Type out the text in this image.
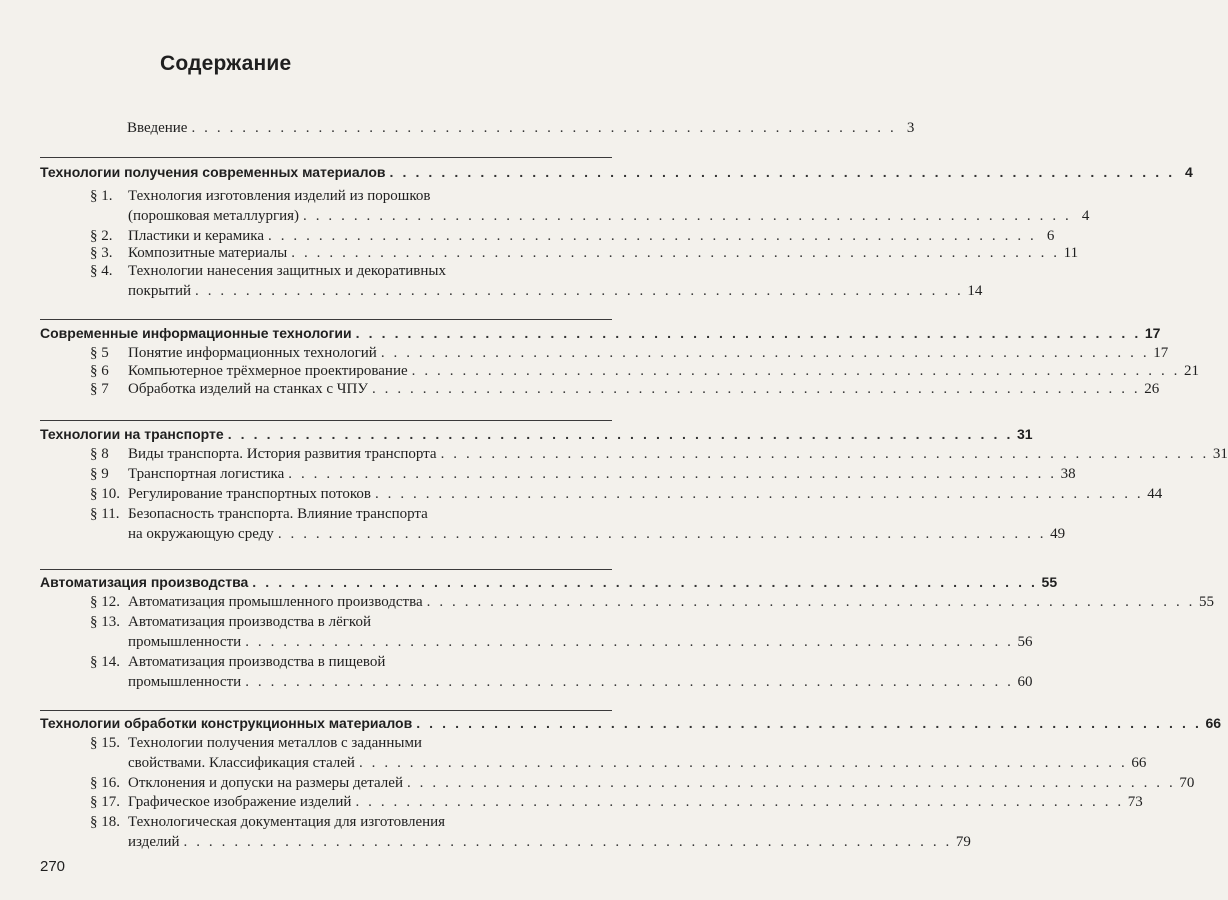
Содержание
Введение . . . . . . . . . . . . . . . . . . . . . . . . . . . . . . . . . . . . . . . . . . . . . . . . . . . . . . . . 3
Технологии получения современных материалов . . . . . . . . . . . . . . . . . . . . . . . . . . . . . . . . . . . . . . . . . . . . . . . . . . . . . . . . . . . . . 4
§ 1. Технология изготовления изделий из порошков
(порошковая металлургия) . . . . . . . . . . . . . . . . . . . . . . . . . . . . . . . . . . . . . . . . . . . . . . . . . . . . . . . . . . . . . 4
§ 2. Пластики и керамика . . . . . . . . . . . . . . . . . . . . . . . . . . . . . . . . . . . . . . . . . . . . . . . . . . . . . . . . . . . . . 6
§ 3. Композитные материалы . . . . . . . . . . . . . . . . . . . . . . . . . . . . . . . . . . . . . . . . . . . . . . . . . . . . . . . . . . . . . 11
§ 4. Технологии нанесения защитных и декоративных
покрытий . . . . . . . . . . . . . . . . . . . . . . . . . . . . . . . . . . . . . . . . . . . . . . . . . . . . . . . . . . . . . 14
Современные информационные технологии . . . . . . . . . . . . . . . . . . . . . . . . . . . . . . . . . . . . . . . . . . . . . . . . . . . . . . . . . . . . . 17
§ 5 Понятие информационных технологий . . . . . . . . . . . . . . . . . . . . . . . . . . . . . . . . . . . . . . . . . . . . . . . . . . . . . . . . . . . . . 17
§ 6 Компьютерное трёхмерное проектирование . . . . . . . . . . . . . . . . . . . . . . . . . . . . . . . . . . . . . . . . . . . . . . . . . . . . . . . . . . . . . 21
§ 7 Обработка изделий на станках с ЧПУ . . . . . . . . . . . . . . . . . . . . . . . . . . . . . . . . . . . . . . . . . . . . . . . . . . . . . . . . . . . . . 26
Технологии на транспорте . . . . . . . . . . . . . . . . . . . . . . . . . . . . . . . . . . . . . . . . . . . . . . . . . . . . . . . . . . . . . 31
§ 8 Виды транспорта. История развития транспорта . . . . . . . . . . . . . . . . . . . . . . . . . . . . . . . . . . . . . . . . . . . . . . . . . . . . . . . . . . . . . 31
§ 9 Транспортная логистика . . . . . . . . . . . . . . . . . . . . . . . . . . . . . . . . . . . . . . . . . . . . . . . . . . . . . . . . . . . . . 38
§ 10. Регулирование транспортных потоков . . . . . . . . . . . . . . . . . . . . . . . . . . . . . . . . . . . . . . . . . . . . . . . . . . . . . . . . . . . . . 44
§ 11. Безопасность транспорта. Влияние транспорта
на окружающую среду . . . . . . . . . . . . . . . . . . . . . . . . . . . . . . . . . . . . . . . . . . . . . . . . . . . . . . . . . . . . . 49
Автоматизация производства . . . . . . . . . . . . . . . . . . . . . . . . . . . . . . . . . . . . . . . . . . . . . . . . . . . . . . . . . . . . . 55
§ 12. Автоматизация промышленного производства . . . . . . . . . . . . . . . . . . . . . . . . . . . . . . . . . . . . . . . . . . . . . . . . . . . . . . . . . . . . . 55
§ 13. Автоматизация производства в лёгкой
промышленности . . . . . . . . . . . . . . . . . . . . . . . . . . . . . . . . . . . . . . . . . . . . . . . . . . . . . . . . . . . . . 56
§ 14. Автоматизация производства в пищевой
промышленности . . . . . . . . . . . . . . . . . . . . . . . . . . . . . . . . . . . . . . . . . . . . . . . . . . . . . . . . . . . . . 60
Технологии обработки конструкционных материалов . . . . . . . . . . . . . . . . . . . . . . . . . . . . . . . . . . . . . . . . . . . . . . . . . . . . . . . . . . . . . 66
§ 15. Технологии получения металлов с заданными
свойствами. Классификация сталей . . . . . . . . . . . . . . . . . . . . . . . . . . . . . . . . . . . . . . . . . . . . . . . . . . . . . . . . . . . . . 66
§ 16. Отклонения и допуски на размеры деталей . . . . . . . . . . . . . . . . . . . . . . . . . . . . . . . . . . . . . . . . . . . . . . . . . . . . . . . . . . . . . 70
§ 17. Графическое изображение изделий . . . . . . . . . . . . . . . . . . . . . . . . . . . . . . . . . . . . . . . . . . . . . . . . . . . . . . . . . . . . . 73
§ 18. Технологическая документация для изготовления
изделий . . . . . . . . . . . . . . . . . . . . . . . . . . . . . . . . . . . . . . . . . . . . . . . . . . . . . . . . . . . . . 79
270
